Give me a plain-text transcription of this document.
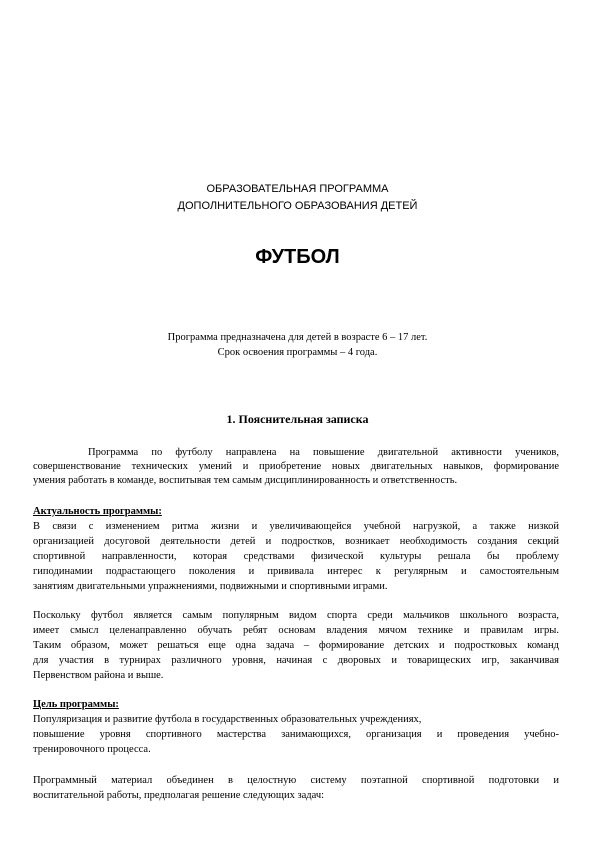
ОБРАЗОВАТЕЛЬНАЯ ПРОГРАММА
ДОПОЛНИТЕЛЬНОГО ОБРАЗОВАНИЯ ДЕТЕЙ
ФУТБОЛ
Программа предназначена для детей в возрасте 6 – 17 лет.
Срок освоения программы – 4 года.
1. Пояснительная записка
Программа по футболу направлена на повышение двигательной активности учеников,
совершенствование технических умений и приобретение новых двигательных навыков, формирование
умения работать в команде, воспитывая тем самым дисциплинированность и ответственность.
Актуальность программы:
В связи с изменением ритма жизни и увеличивающейся учебной нагрузкой, а также низкой
организацией досуговой деятельности детей и подростков, возникает необходимость создания секций
спортивной направленности, которая средствами физической культуры решала бы проблему
гиподинамии подрастающего поколения и прививала интерес к регулярным и самостоятельным
занятиям двигательными упражнениями, подвижными и спортивными играми.
Поскольку футбол является самым популярным видом спорта среди мальчиков школьного возраста,
имеет смысл целенаправленно обучать ребят основам владения мячом технике и правилам игры.
Таким образом, может решаться еще одна задача – формирование детских и подростковых команд
для участия в турнирах различного уровня, начиная с дворовых и товарищеских игр, заканчивая
Первенством района и выше.
Цель программы:
Популяризация и развитие футбола в государственных образовательных учреждениях,
повышение уровня спортивного мастерства занимающихся, организация и проведения учебно-
тренировочного процесса.
Программный материал объединен в целостную систему поэтапной спортивной подготовки и
воспитательной работы, предполагая решение следующих задач:
